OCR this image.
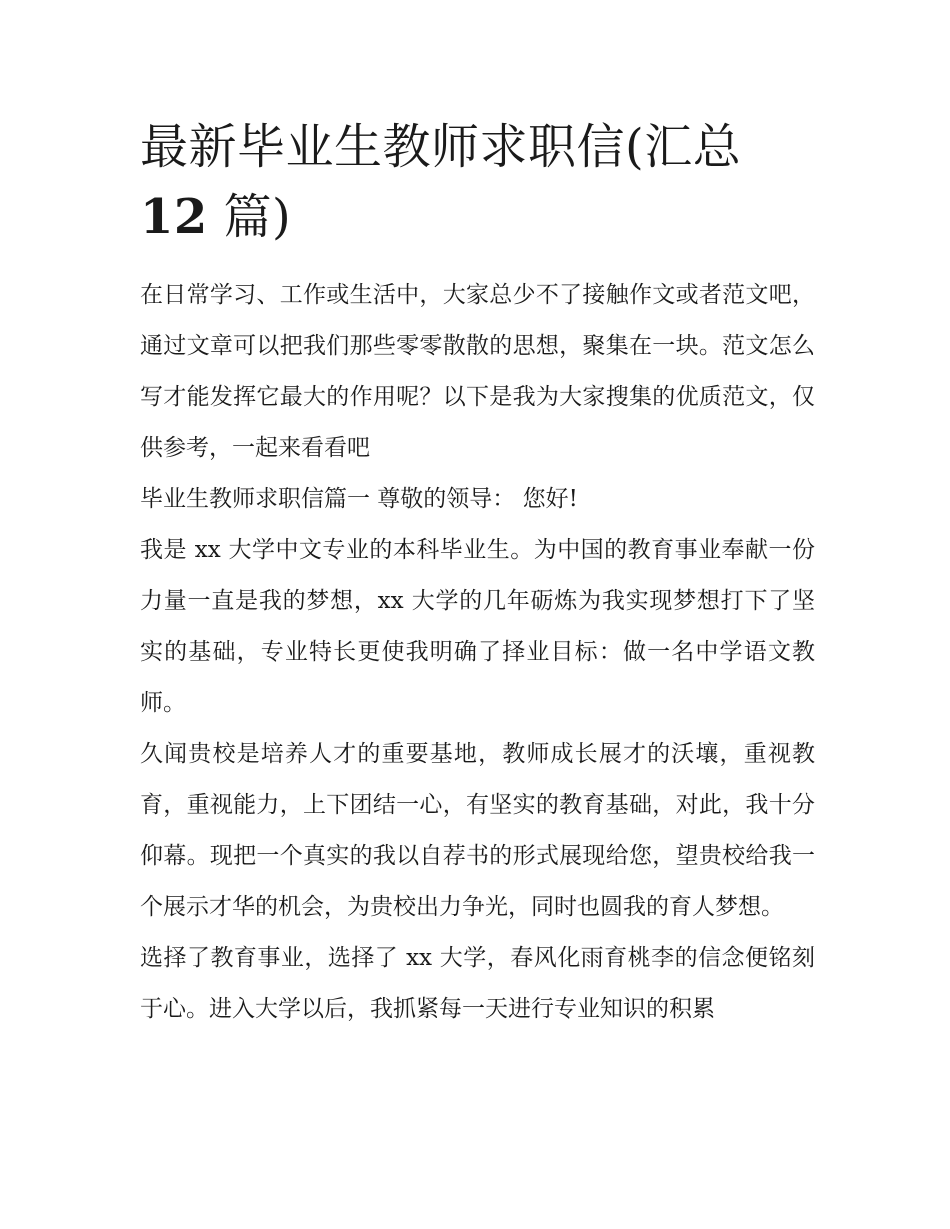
最新毕业生教师求职信(汇总
12 篇)

在日常学习、工作或生活中，大家总少不了接触作文或者范文吧，通过文章可以把我们那些零零散散的思想，聚集在一块。范文怎么写才能发挥它最大的作用呢？以下是我为大家搜集的优质范文，仅供参考，一起来看看吧

毕业生教师求职信篇一 尊敬的领导： 您好!

我是 xx 大学中文专业的本科毕业生。为中国的教育事业奉献一份力量一直是我的梦想，xx 大学的几年砺炼为我实现梦想打下了坚实的基础，专业特长更使我明确了择业目标：做一名中学语文教师。

久闻贵校是培养人才的重要基地，教师成长展才的沃壤，重视教育，重视能力，上下团结一心，有坚实的教育基础，对此，我十分仰幕。现把一个真实的我以自荐书的形式展现给您，望贵校给我一个展示才华的机会，为贵校出力争光，同时也圆我的育人梦想。

选择了教育事业，选择了 xx 大学，春风化雨育桃李的信念便铭刻于心。进入大学以后，我抓紧每一天进行专业知识的积累
